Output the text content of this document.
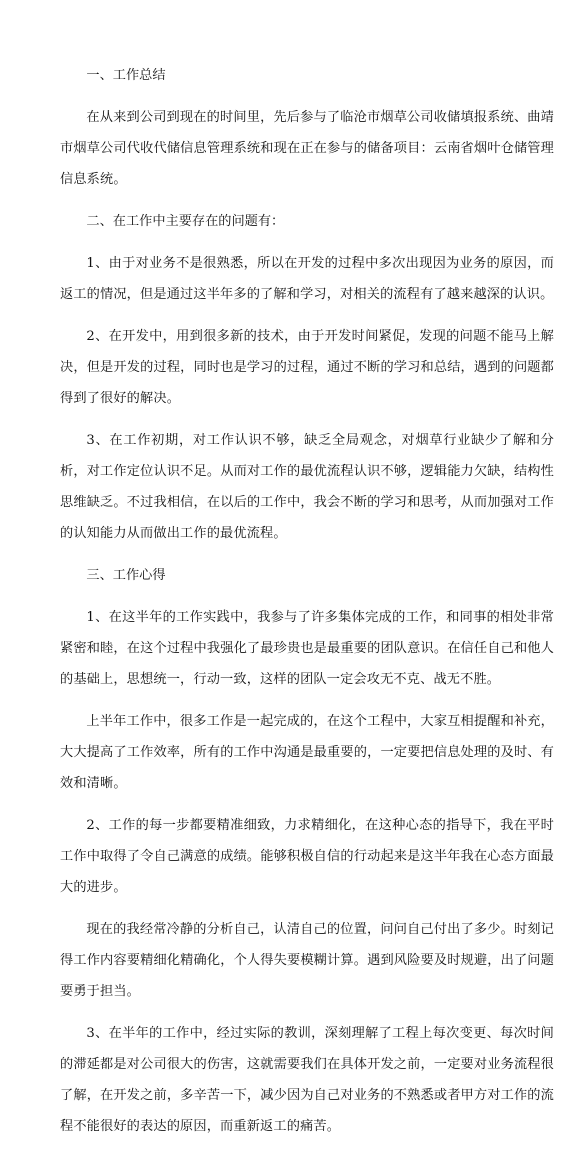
一、工作总结

在从来到公司到现在的时间里，先后参与了临沧市烟草公司收储填报系统、曲靖市烟草公司代收代储信息管理系统和现在正在参与的储备项目：云南省烟叶仓储管理信息系统。

二、在工作中主要存在的问题有：

1、由于对业务不是很熟悉，所以在开发的过程中多次出现因为业务的原因，而返工的情况，但是通过这半年多的了解和学习，对相关的流程有了越来越深的认识。

2、在开发中，用到很多新的技术，由于开发时间紧促，发现的问题不能马上解决，但是开发的过程，同时也是学习的过程，通过不断的学习和总结，遇到的问题都得到了很好的解决。

3、在工作初期，对工作认识不够，缺乏全局观念，对烟草行业缺少了解和分析，对工作定位认识不足。从而对工作的最优流程认识不够，逻辑能力欠缺，结构性思维缺乏。不过我相信，在以后的工作中，我会不断的学习和思考，从而加强对工作的认知能力从而做出工作的最优流程。

三、工作心得

1、在这半年的工作实践中，我参与了许多集体完成的工作，和同事的相处非常紧密和睦，在这个过程中我强化了最珍贵也是最重要的团队意识。在信任自己和他人的基础上，思想统一，行动一致，这样的团队一定会攻无不克、战无不胜。

上半年工作中，很多工作是一起完成的，在这个工程中，大家互相提醒和补充，大大提高了工作效率，所有的工作中沟通是最重要的，一定要把信息处理的及时、有效和清晰。

2、工作的每一步都要精准细致，力求精细化，在这种心态的指导下，我在平时工作中取得了令自己满意的成绩。能够积极自信的行动起来是这半年我在心态方面最大的进步。

现在的我经常冷静的分析自己，认清自己的位置，问问自己付出了多少。时刻记得工作内容要精细化精确化，个人得失要模糊计算。遇到风险要及时规避，出了问题要勇于担当。

3、在半年的工作中，经过实际的教训，深刻理解了工程上每次变更、每次时间的滞延都是对公司很大的伤害，这就需要我们在具体开发之前，一定要对业务流程很了解，在开发之前，多辛苦一下，减少因为自己对业务的不熟悉或者甲方对工作的流程不能很好的表达的原因，而重新返工的痛苦。
